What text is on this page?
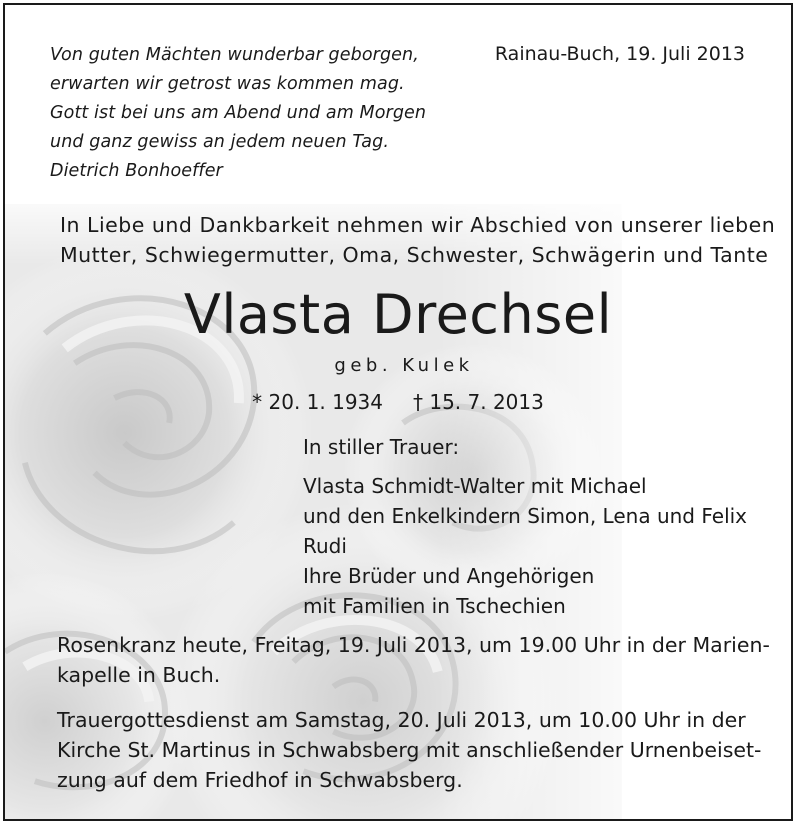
Von guten Mächten wunderbar geborgen,
erwarten wir getrost was kommen mag.
Gott ist bei uns am Abend und am Morgen
und ganz gewiss an jedem neuen Tag.
Dietrich Bonhoeffer

Rainau-Buch, 19. Juli 2013
In Liebe und Dankbarkeit nehmen wir Abschied von unserer lieben
Mutter, Schwiegermutter, Oma, Schwester, Schwägerin und Tante
Vlasta Drechsel
geb. Kulek
* 20. 1. 1934 † 15. 7. 2013
In stiller Trauer:
Vlasta Schmidt-Walter mit Michael
und den Enkelkindern Simon, Lena und Felix
Rudi
Ihre Brüder und Angehörigen
mit Familien in Tschechien
Rosenkranz heute, Freitag, 19. Juli 2013, um 19.00 Uhr in der Marien-
kapelle in Buch.
Trauergottesdienst am Samstag, 20. Juli 2013, um 10.00 Uhr in der
Kirche St. Martinus in Schwabsberg mit anschließender Urnenbeiset-
zung auf dem Friedhof in Schwabsberg.
